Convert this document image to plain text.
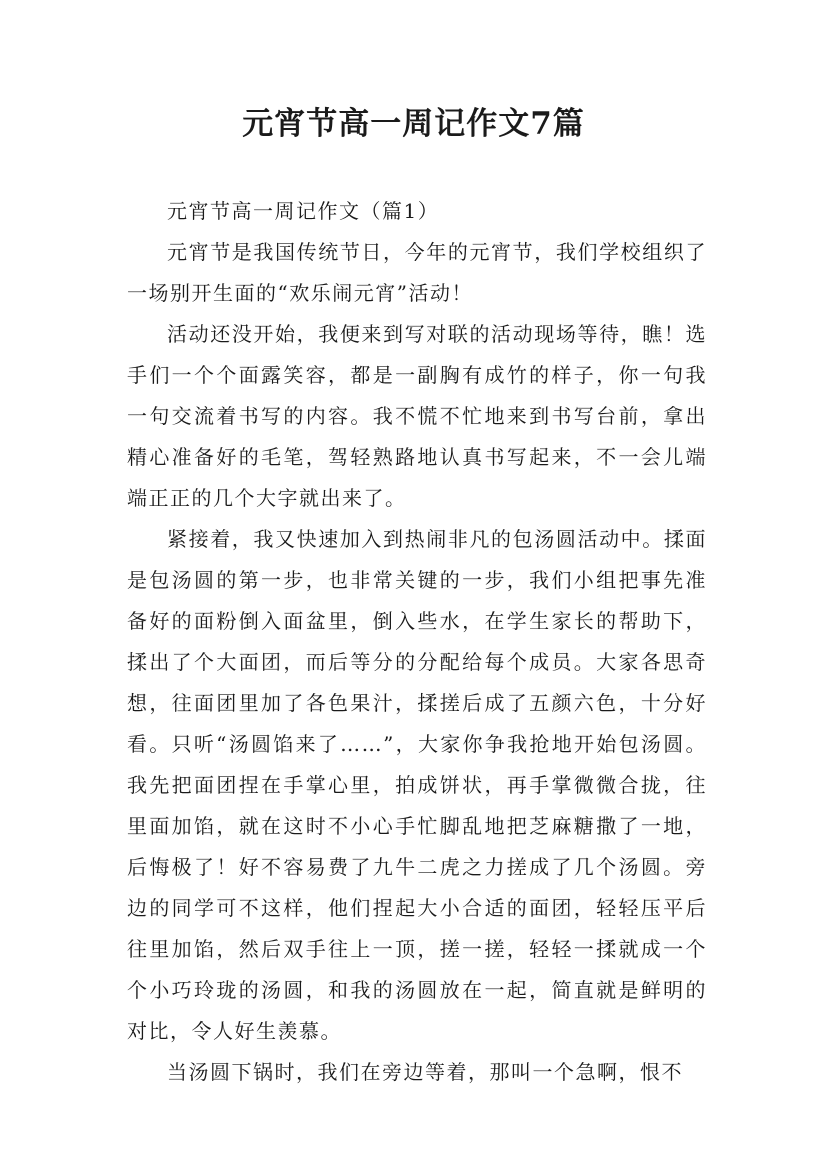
元宵节高一周记作文7篇

元宵节高一周记作文（篇1）

元宵节是我国传统节日，今年的元宵节，我们学校组织了一场别开生面的“欢乐闹元宵”活动！

活动还没开始，我便来到写对联的活动现场等待，瞧！选手们一个个面露笑容，都是一副胸有成竹的样子，你一句我一句交流着书写的内容。我不慌不忙地来到书写台前，拿出精心准备好的毛笔，驾轻熟路地认真书写起来，不一会儿端端正正的几个大字就出来了。

紧接着，我又快速加入到热闹非凡的包汤圆活动中。揉面是包汤圆的第一步，也非常关键的一步，我们小组把事先准备好的面粉倒入面盆里，倒入些水，在学生家长的帮助下，揉出了个大面团，而后等分的分配给每个成员。大家各思奇想，往面团里加了各色果汁，揉搓后成了五颜六色，十分好看。只听“汤圆馅来了……”，大家你争我抢地开始包汤圆。我先把面团捏在手掌心里，拍成饼状，再手掌微微合拢，往里面加馅，就在这时不小心手忙脚乱地把芝麻糖撒了一地，后悔极了！好不容易费了九牛二虎之力搓成了几个汤圆。旁边的同学可不这样，他们捏起大小合适的面团，轻轻压平后往里加馅，然后双手往上一顶，搓一搓，轻轻一揉就成一个个小巧玲珑的汤圆，和我的汤圆放在一起，简直就是鲜明的对比，令人好生羡慕。

当汤圆下锅时，我们在旁边等着，那叫一个急啊，恨不
